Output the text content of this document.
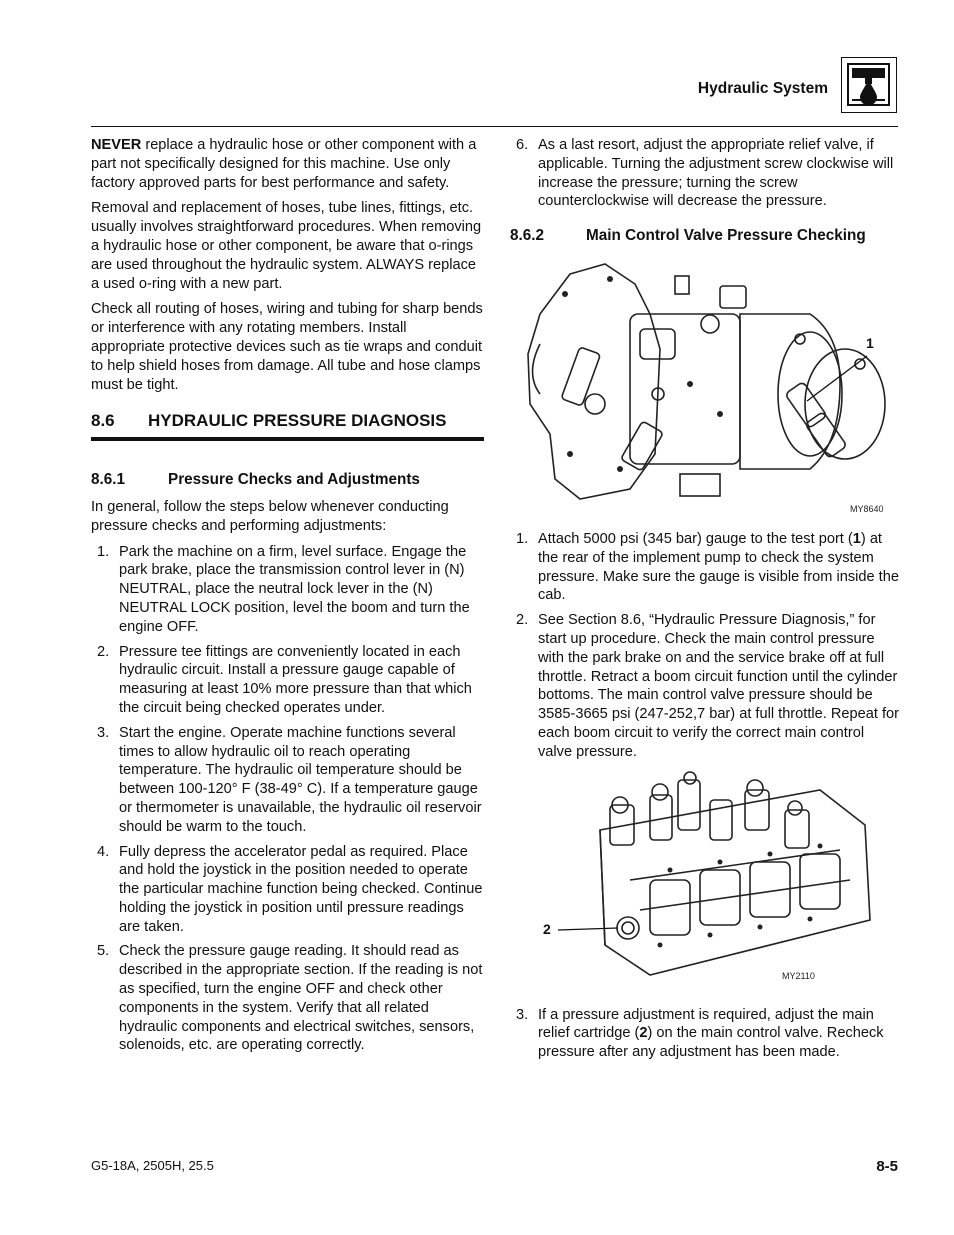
Hydraulic System

NEVER replace a hydraulic hose or other component with a part not specifically designed for this machine. Use only factory approved parts for best performance and safety.

Removal and replacement of hoses, tube lines, fittings, etc. usually involves straightforward procedures. When removing a hydraulic hose or other component, be aware that o-rings are used throughout the hydraulic system. ALWAYS replace a used o-ring with a new part.

Check all routing of hoses, wiring and tubing for sharp bends or interference with any rotating members. Install appropriate protective devices such as tie wraps and conduit to help shield hoses from damage. All tube and hose clamps must be tight.

8.6 HYDRAULIC PRESSURE DIAGNOSIS
8.6.1	Pressure Checks and Adjustments

In general, follow the steps below whenever conducting pressure checks and performing adjustments:

1. Park the machine on a firm, level surface. Engage the park brake, place the transmission control lever in (N) NEUTRAL, place the neutral lock lever in the (N) NEUTRAL LOCK position, level the boom and turn the engine OFF.
2. Pressure tee fittings are conveniently located in each hydraulic circuit. Install a pressure gauge capable of measuring at least 10% more pressure than that which the circuit being checked operates under.
3. Start the engine. Operate machine functions several times to allow hydraulic oil to reach operating temperature. The hydraulic oil temperature should be between 100-120° F (38-49° C). If a temperature gauge or thermometer is unavailable, the hydraulic oil reservoir should be warm to the touch.
4. Fully depress the accelerator pedal as required. Place and hold the joystick in the position needed to operate the particular machine function being checked. Continue holding the joystick in position until pressure readings are taken.
5. Check the pressure gauge reading. It should read as described in the appropriate section. If the reading is not as specified, turn the engine OFF and check other components in the system. Verify that all related hydraulic components and electrical switches, sensors, solenoids, etc. are operating correctly.
6. As a last resort, adjust the appropriate relief valve, if applicable. Turning the adjustment screw clockwise will increase the pressure; turning the screw counterclockwise will decrease the pressure.
8.6.2	Main Control Valve Pressure Checking
1
MY8640
1. Attach 5000 psi (345 bar) gauge to the test port (1) at the rear of the implement pump to check the system pressure. Make sure the gauge is visible from inside the cab.
2. See Section 8.6, “Hydraulic Pressure Diagnosis,” for start up procedure. Check the main control pressure with the park brake on and the service brake off at full throttle. Retract a boom circuit function until the cylinder bottoms. The main control valve pressure should be 3585-3665 psi (247-252,7 bar) at full throttle. Repeat for each boom circuit to verify the correct main control valve pressure.
2
MY2110
3. If a pressure adjustment is required, adjust the main relief cartridge (2) on the main control valve. Recheck pressure after any adjustment has been made.
G5-18A, 2505H, 25.5	8-5
